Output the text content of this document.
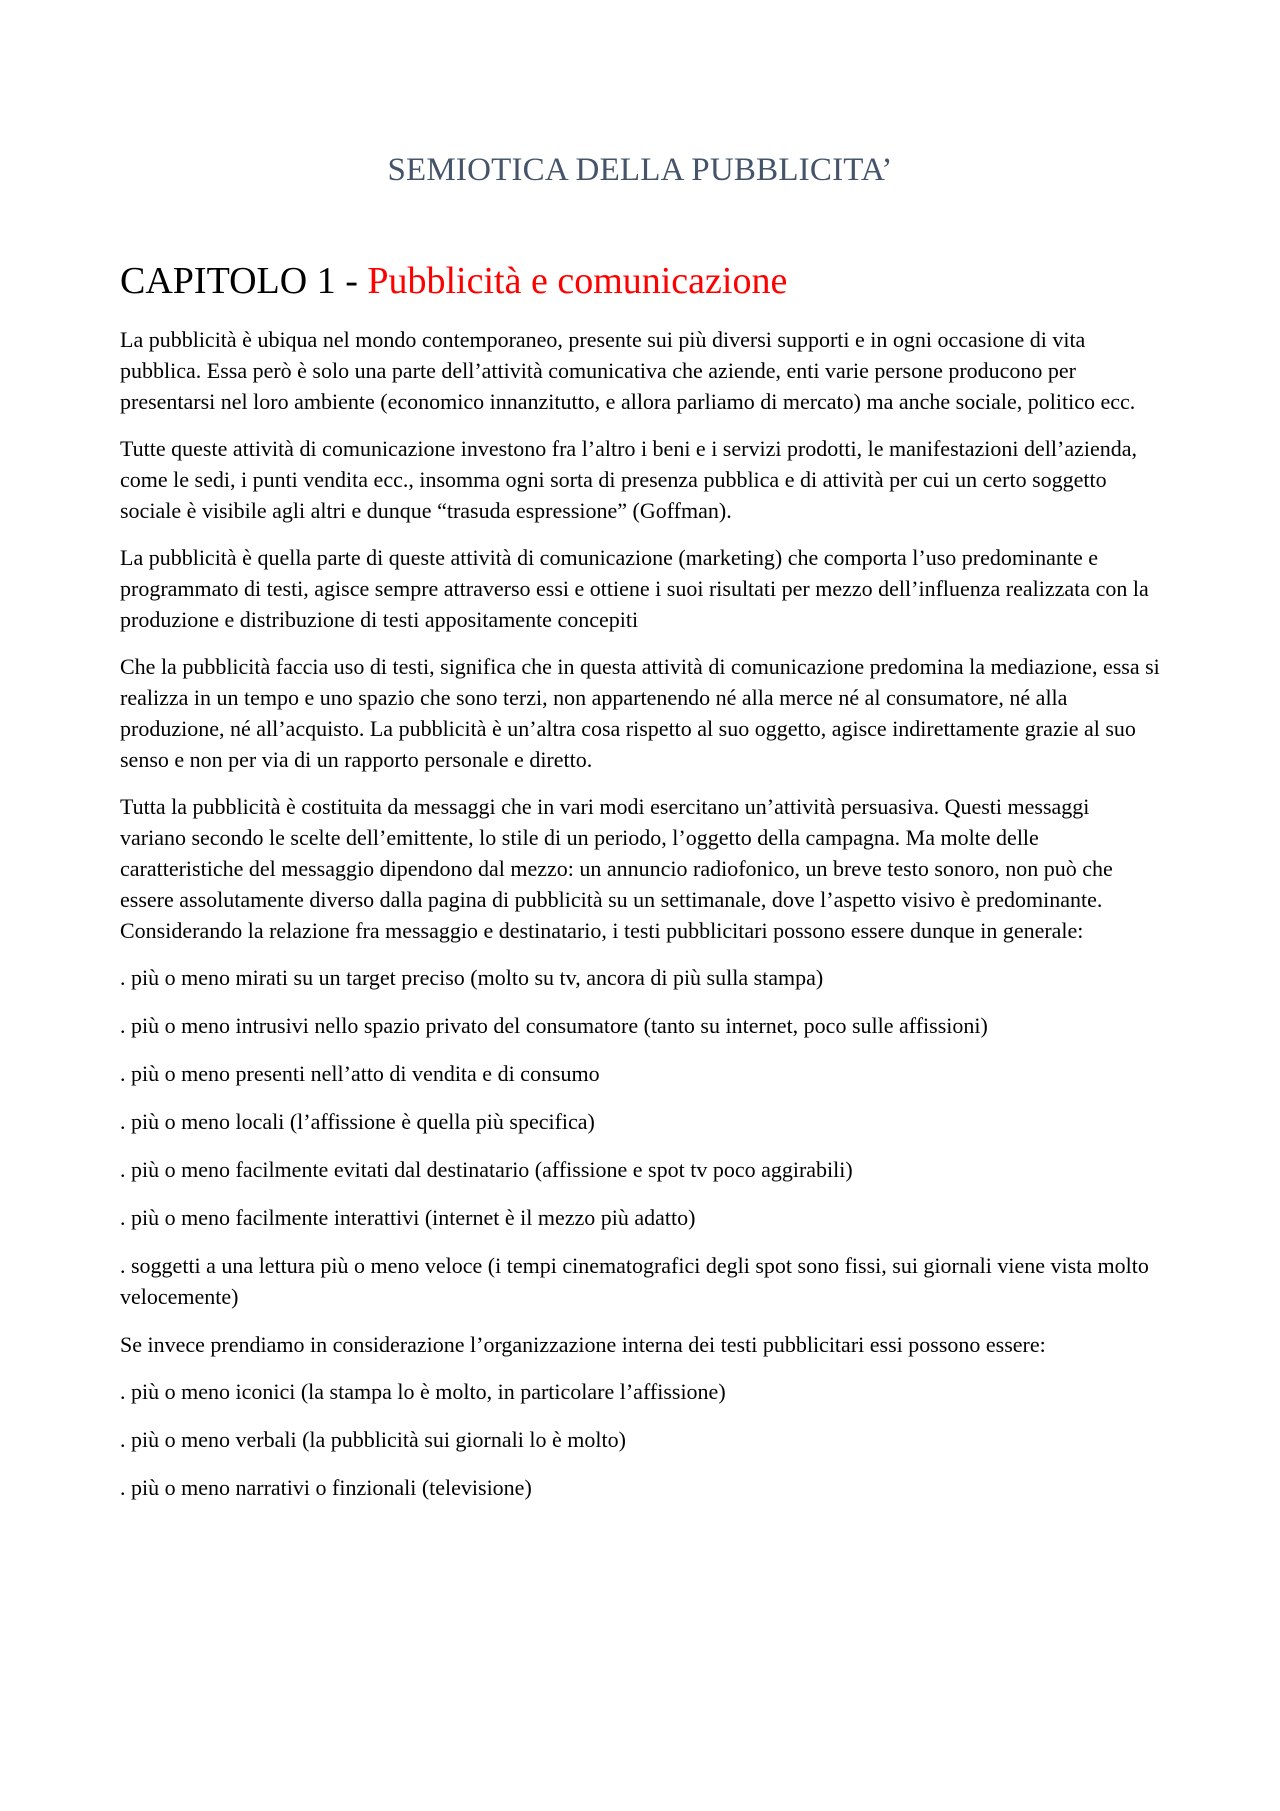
SEMIOTICA DELLA PUBBLICITA’
CAPITOLO 1 - Pubblicità e comunicazione

La pubblicità è ubiqua nel mondo contemporaneo, presente sui più diversi supporti e in ogni occasione di vita pubblica. Essa però è solo una parte dell’attività comunicativa che aziende, enti varie persone producono per presentarsi nel loro ambiente (economico innanzitutto, e allora parliamo di mercato) ma anche sociale, politico ecc.

Tutte queste attività di comunicazione investono fra l’altro i beni e i servizi prodotti, le manifestazioni dell’azienda, come le sedi, i punti vendita ecc., insomma ogni sorta di presenza pubblica e di attività per cui un certo soggetto sociale è visibile agli altri e dunque “trasuda espressione” (Goffman).

La pubblicità è quella parte di queste attività di comunicazione (marketing) che comporta l’uso predominante e programmato di testi, agisce sempre attraverso essi e ottiene i suoi risultati per mezzo dell’influenza realizzata con la produzione e distribuzione di testi appositamente concepiti

Che la pubblicità faccia uso di testi, significa che in questa attività di comunicazione predomina la mediazione, essa si realizza in un tempo e uno spazio che sono terzi, non appartenendo né alla merce né al consumatore, né alla produzione, né all’acquisto. La pubblicità è un’altra cosa rispetto al suo oggetto, agisce indirettamente grazie al suo senso e non per via di un rapporto personale e diretto.

Tutta la pubblicità è costituita da messaggi che in vari modi esercitano un’attività persuasiva. Questi messaggi variano secondo le scelte dell’emittente, lo stile di un periodo, l’oggetto della campagna. Ma molte delle caratteristiche del messaggio dipendono dal mezzo: un annuncio radiofonico, un breve testo sonoro, non può che essere assolutamente diverso dalla pagina di pubblicità su un settimanale, dove l’aspetto visivo è predominante. Considerando la relazione fra messaggio e destinatario, i testi pubblicitari possono essere dunque in generale:

. più o meno mirati su un target preciso (molto su tv, ancora di più sulla stampa)

. più o meno intrusivi nello spazio privato del consumatore (tanto su internet, poco sulle affissioni)

. più o meno presenti nell’atto di vendita e di consumo

. più o meno locali (l’affissione è quella più specifica)

. più o meno facilmente evitati dal destinatario (affissione e spot tv poco aggirabili)

. più o meno facilmente interattivi (internet è il mezzo più adatto)

. soggetti a una lettura più o meno veloce (i tempi cinematografici degli spot sono fissi, sui giornali viene vista molto velocemente)

Se invece prendiamo in considerazione l’organizzazione interna dei testi pubblicitari essi possono essere:

. più o meno iconici (la stampa lo è molto, in particolare l’affissione)

. più o meno verbali (la pubblicità sui giornali lo è molto)

. più o meno narrativi o finzionali (televisione)
